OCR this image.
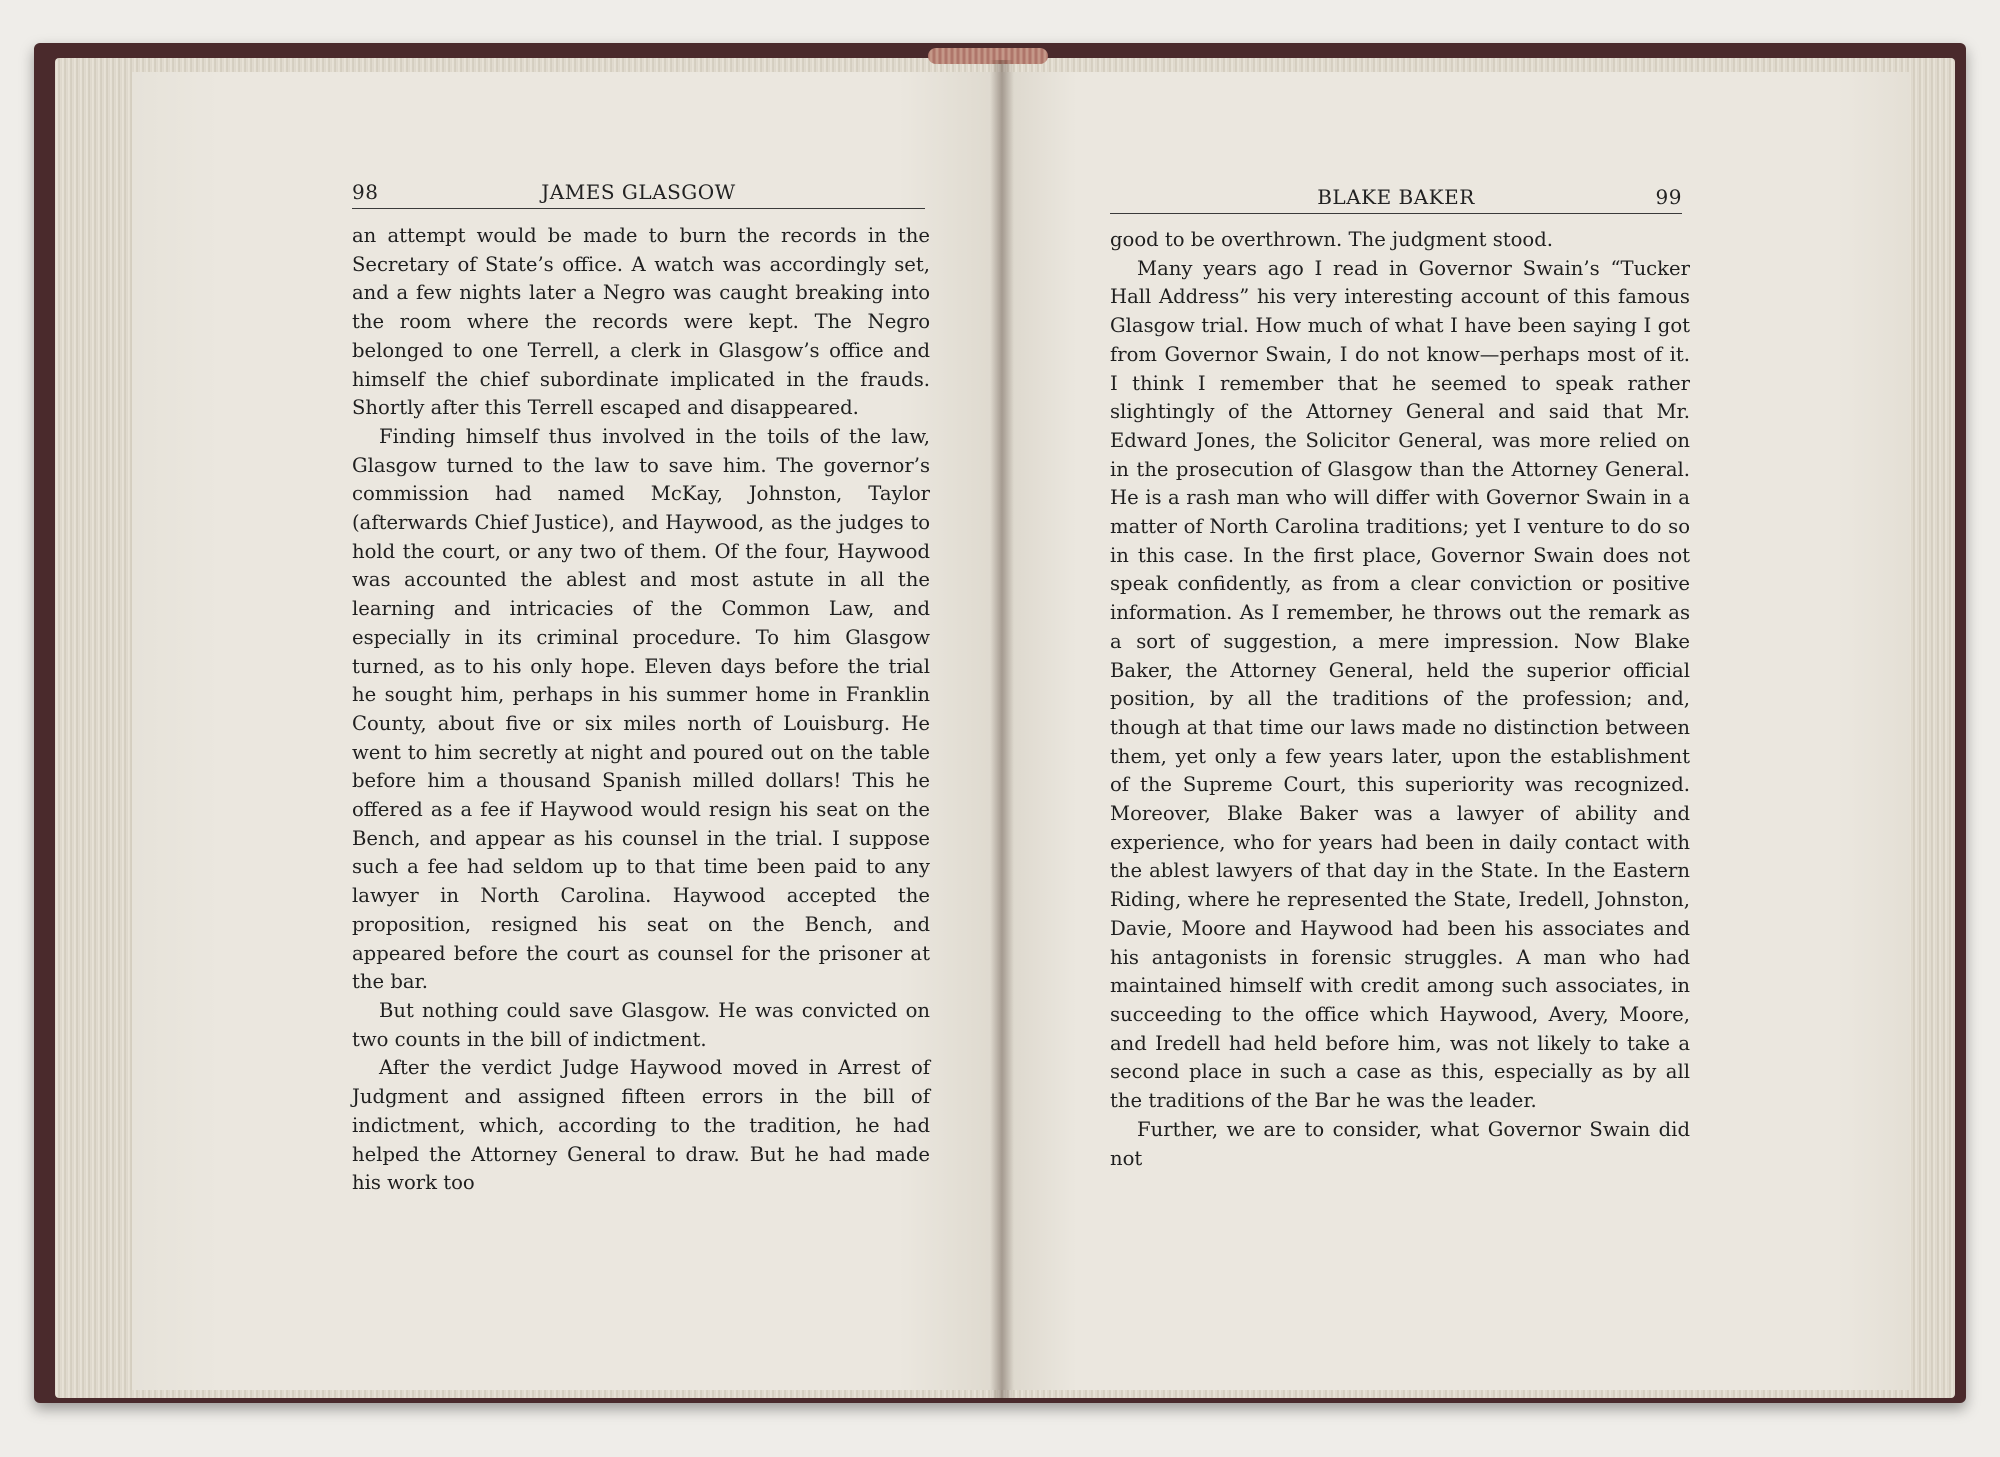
JAMES GLASGOW
98	BLAKE BAKER	99

an attempt would be made to burn the records in the Secretary of State’s office. A watch was accordingly set, and a few nights later a Negro was caught breaking into the room where the records were kept. The Negro belonged to one Terrell, a clerk in Glasgow’s office and himself the chief subordinate implicated in the frauds. Shortly after this Terrell escaped and disappeared.

Finding himself thus involved in the toils of the law, Glasgow turned to the law to save him. The governor’s commission had named McKay, Johnston, Taylor (afterwards Chief Justice), and Haywood, as the judges to hold the court, or any two of them. Of the four, Haywood was accounted the ablest and most astute in all the learning and intricacies of the Common Law, and especially in its criminal procedure. To him Glasgow turned, as to his only hope. Eleven days before the trial he sought him, perhaps in his summer home in Franklin County, about five or six miles north of Louisburg. He went to him secretly at night and poured out on the table before him a thousand Spanish milled dollars! This he offered as a fee if Haywood would resign his seat on the Bench, and appear as his counsel in the trial. I suppose such a fee had seldom up to that time been paid to any lawyer in North Carolina. Haywood accepted the proposition, resigned his seat on the Bench, and appeared before the court as counsel for the prisoner at the bar.

But nothing could save Glasgow. He was convicted on two counts in the bill of indictment.

After the verdict Judge Haywood moved in Arrest of Judgment and assigned fifteen errors in the bill of indictment, which, according to the tradition, he had helped the Attorney General to draw. But he had made his work too

good to be overthrown. The judgment stood.

Many years ago I read in Governor Swain’s “Tucker Hall Address” his very interesting account of this famous Glasgow trial. How much of what I have been saying I got from Governor Swain, I do not know—perhaps most of it. I think I remember that he seemed to speak rather slightingly of the Attorney General and said that Mr. Edward Jones, the Solicitor General, was more relied on in the prosecution of Glasgow than the Attorney General. He is a rash man who will differ with Governor Swain in a matter of North Carolina traditions; yet I venture to do so in this case. In the first place, Governor Swain does not speak confidently, as from a clear conviction or positive information. As I remember, he throws out the remark as a sort of suggestion, a mere impression. Now Blake Baker, the Attorney General, held the superior official position, by all the traditions of the profession; and, though at that time our laws made no distinction between them, yet only a few years later, upon the establishment of the Supreme Court, this superiority was recognized. Moreover, Blake Baker was a lawyer of ability and experience, who for years had been in daily contact with the ablest lawyers of that day in the State. In the Eastern Riding, where he represented the State, Iredell, Johnston, Davie, Moore and Haywood had been his associates and his antagonists in forensic struggles. A man who had maintained himself with credit among such associates, in succeeding to the office which Haywood, Avery, Moore, and Iredell had held before him, was not likely to take a second place in such a case as this, especially as by all the traditions of the Bar he was the leader.

Further, we are to consider, what Governor Swain did not
